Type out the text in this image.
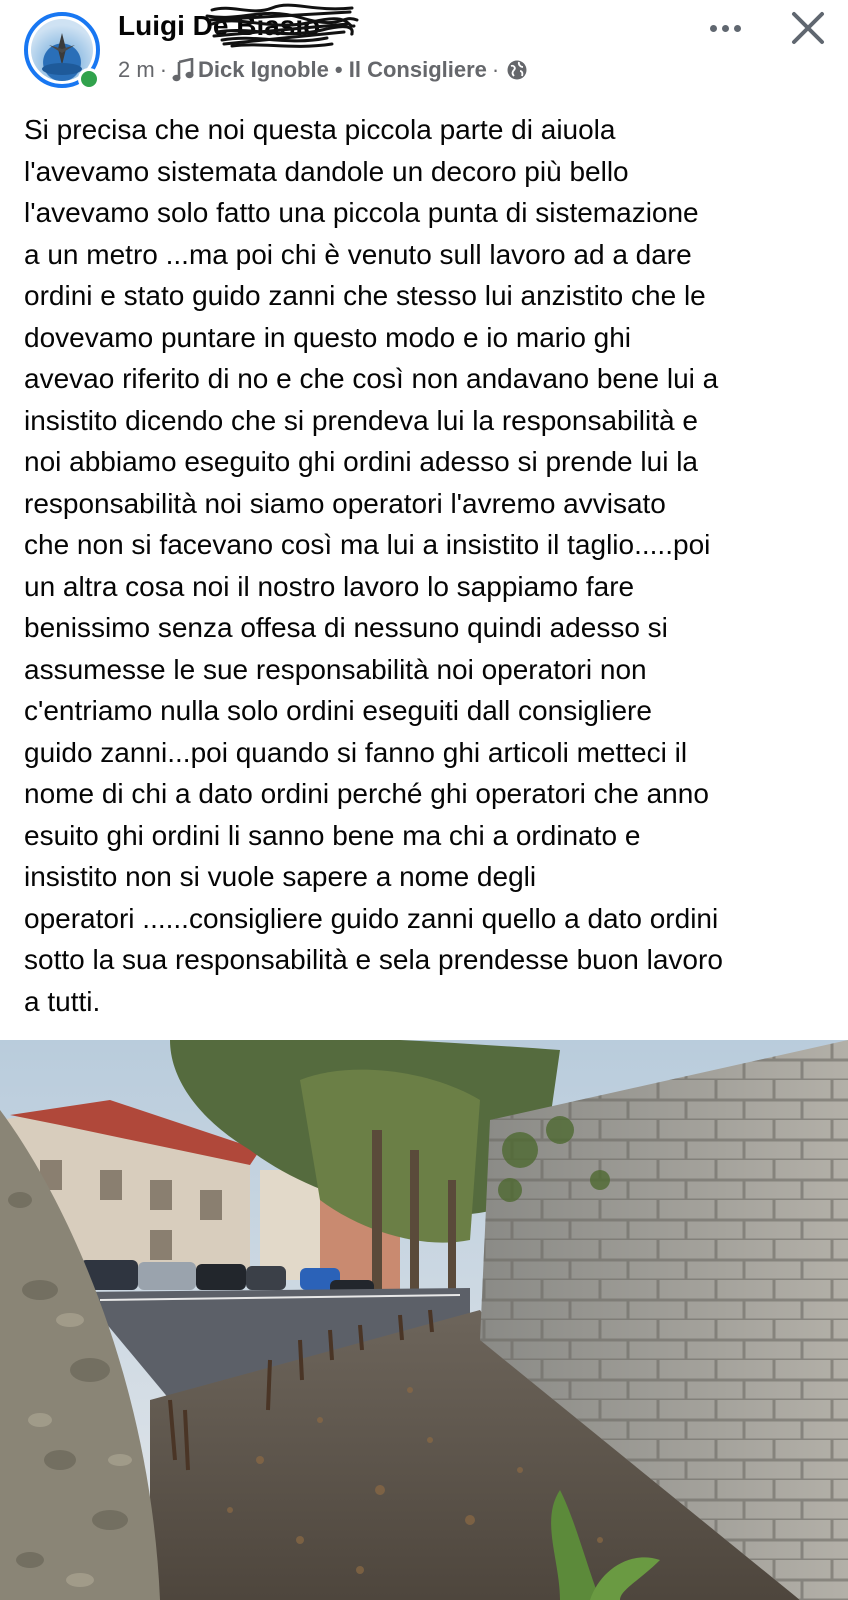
Luigi De Biasio
2 m · Dick Ignoble • Il Consigliere ·
Si precisa che noi questa piccola parte di aiuola
l'avevamo sistemata dandole un decoro più bello
l'avevamo solo fatto una piccola punta di sistemazione
a un metro ...ma poi chi è venuto sull lavoro ad a dare
ordini e stato guido zanni che stesso lui anzistito che le
dovevamo puntare in questo modo e io mario ghi
avevao riferito di no e che così non andavano bene lui a
insistito dicendo che si prendeva lui la responsabilità e
noi abbiamo eseguito ghi ordini adesso si prende lui la
responsabilità noi siamo operatori l'avremo avvisato
che non si facevano così ma lui a insistito il taglio.....poi
un altra cosa noi il nostro lavoro lo sappiamo fare
benissimo senza offesa di nessuno quindi adesso si
assumesse le sue responsabilità noi operatori non
c'entriamo nulla solo ordini eseguiti dall consigliere
guido zanni...poi quando si fanno ghi articoli metteci il
nome di chi a dato ordini perché ghi operatori che anno
esuito ghi ordini li sanno bene ma chi a ordinato e
insistito non si vuole sapere a nome degli
operatori ......consigliere guido zanni quello a dato ordini
sotto la sua responsabilità e sela prendesse buon lavoro
a tutti.
